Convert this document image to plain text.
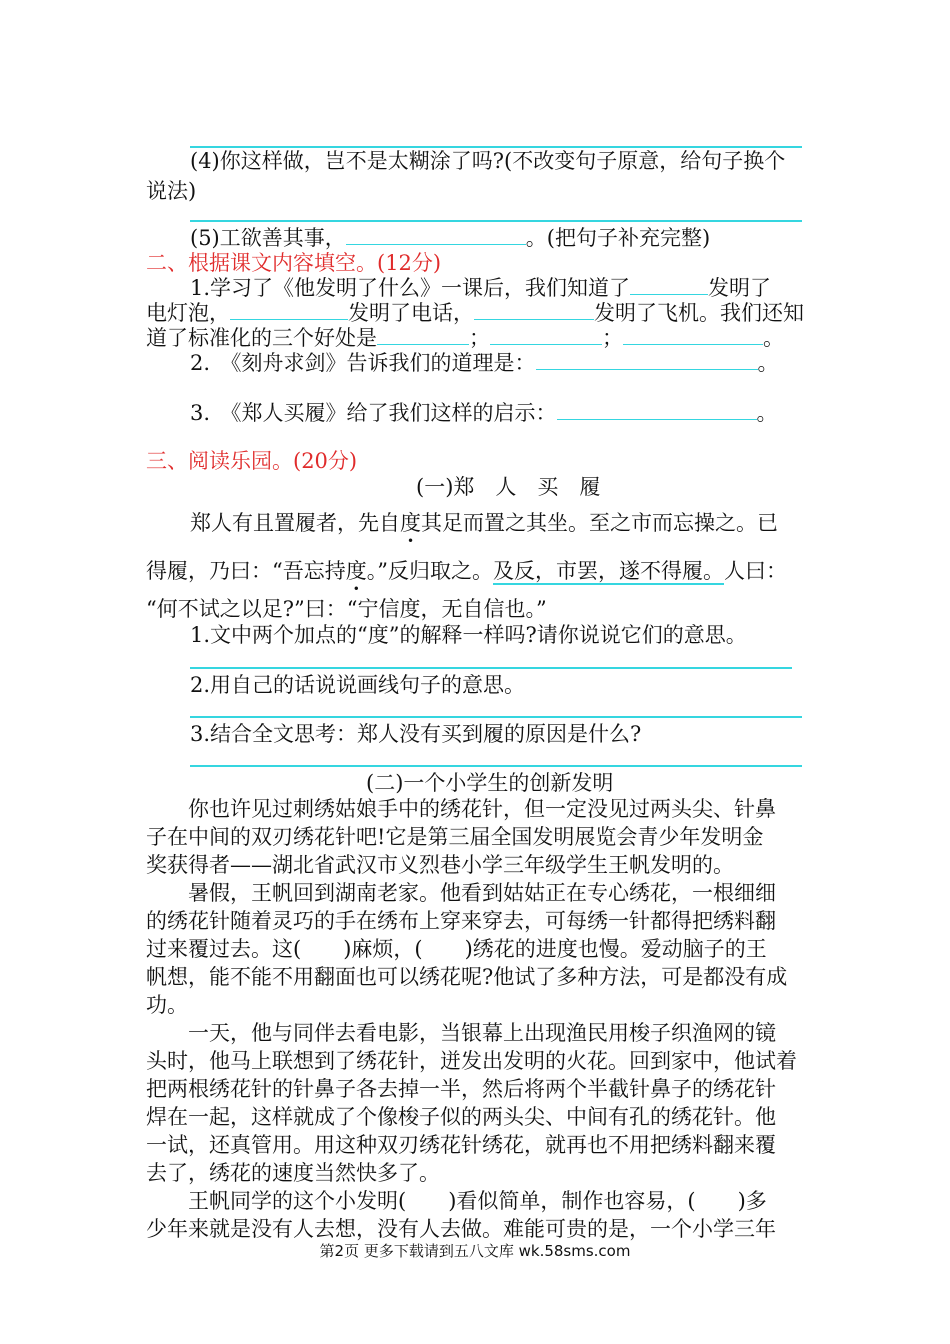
(4)你这样做，岂不是太糊涂了吗?(不改变句子原意，给句子换个
说法)
(5)工欲善其事，	。(把句子补充完整)
二、根据课文内容填空。(12分)
1.学习了《他发明了什么》一课后，我们知道了	发明了
电灯泡，	发明了电话，	发明了飞机。我们还知
道了标准化的三个好处是	；	；	。
2.　《刻舟求剑》告诉我们的道理是：	。
3.　《郑人买履》给了我们这样的启示：	。
三、阅读乐园。(20分)
(一)郑　人　买　履
郑人有且置履者，先自度其足而置之其坐。至之市而忘操之。已
得履，乃曰：“吾忘持度。”反归取之。及反，市罢，遂不得履。人曰：
“何不试之以足?”曰：“宁信度，无自信也。”
1.文中两个加点的“度”的解释一样吗?请你说说它们的意思。
2.用自己的话说说画线句子的意思。
3.结合全文思考：郑人没有买到履的原因是什么?
(二)一个小学生的创新发明
　　你也许见过刺绣姑娘手中的绣花针，但一定没见过两头尖、针鼻
子在中间的双刃绣花针吧!它是第三届全国发明展览会青少年发明金
奖获得者——湖北省武汉市义烈巷小学三年级学生王帆发明的。
　　暑假，王帆回到湖南老家。他看到姑姑正在专心绣花，一根细细
的绣花针随着灵巧的手在绣布上穿来穿去，可每绣一针都得把绣料翻
过来覆过去。这(　　)麻烦，(　　)绣花的进度也慢。爱动脑子的王
帆想，能不能不用翻面也可以绣花呢?他试了多种方法，可是都没有成
功。
　　一天，他与同伴去看电影，当银幕上出现渔民用梭子织渔网的镜
头时，他马上联想到了绣花针，迸发出发明的火花。回到家中，他试着
把两根绣花针的针鼻子各去掉一半，然后将两个半截针鼻子的绣花针
焊在一起，这样就成了个像梭子似的两头尖、中间有孔的绣花针。他
一试，还真管用。用这种双刃绣花针绣花，就再也不用把绣料翻来覆
去了，绣花的速度当然快多了。
　　王帆同学的这个小发明(　　)看似简单，制作也容易，(　　)多
少年来就是没有人去想，没有人去做。难能可贵的是，一个小学三年
第2页 更多下载请到五八文库 wk.58sms.com
